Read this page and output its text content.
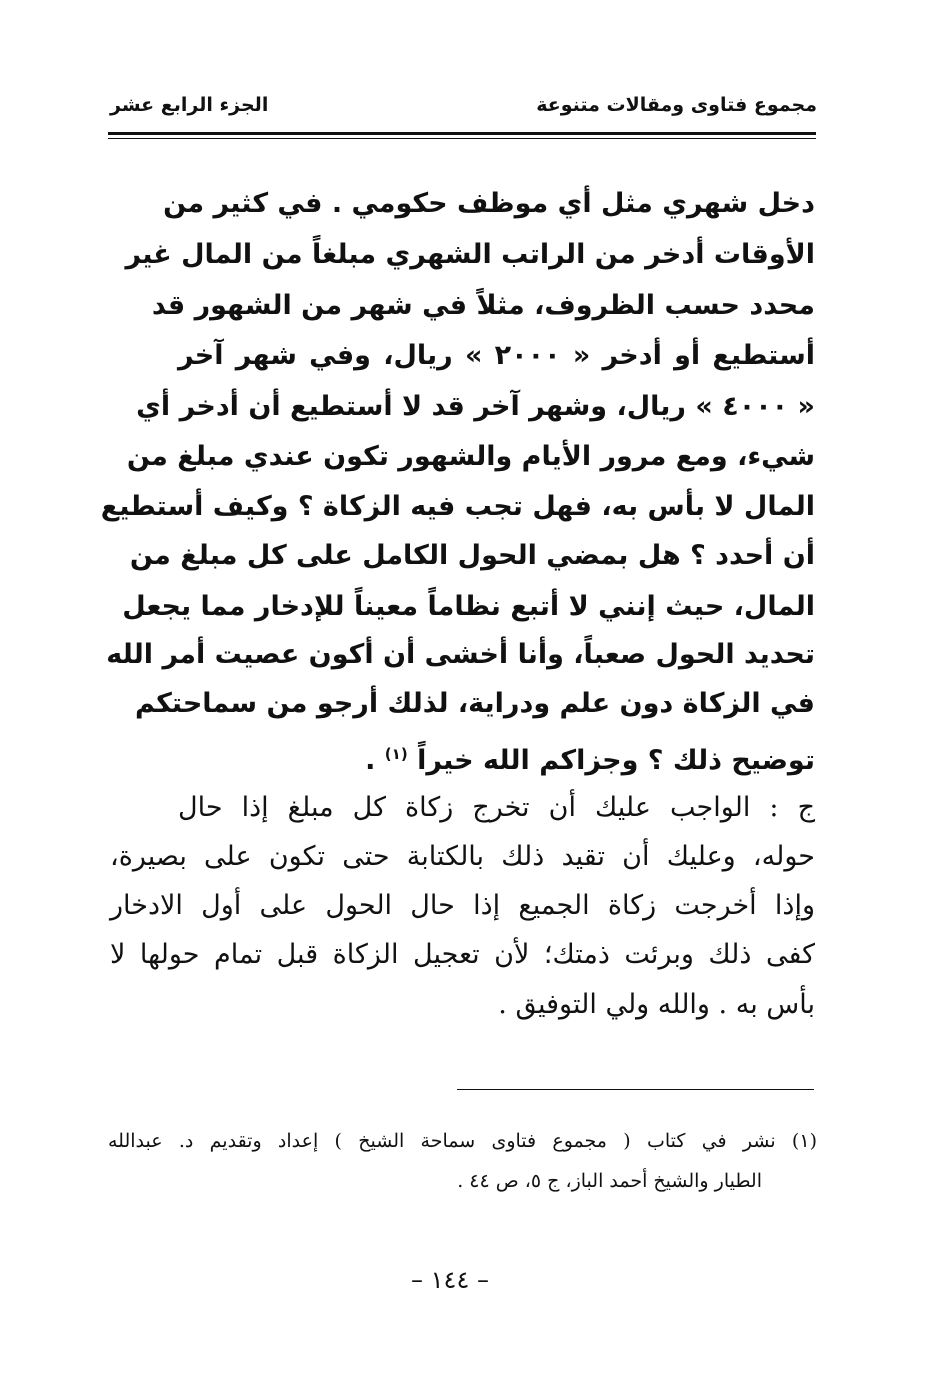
مجموع فتاوى ومقالات متنوعة
الجزء الرابع عشر
دخل شهري مثل أي موظف حكومي . في كثير من
الأوقات أدخر من الراتب الشهري مبلغاً من المال غير
محدد حسب الظروف، مثلاً في شهر من الشهور قد
أستطيع أو أدخر « ٢٠٠٠ » ريال، وفي شهر آخر
« ٤٠٠٠ » ريال، وشهر آخر قد لا أستطيع أن أدخر أي
شيء، ومع مرور الأيام والشهور تكون عندي مبلغ من
المال لا بأس به، فهل تجب فيه الزكاة ؟ وكيف أستطيع
أن أحدد ؟ هل بمضي الحول الكامل على كل مبلغ من
المال، حيث إنني لا أتبع نظاماً معيناً للإدخار مما يجعل
تحديد الحول صعباً، وأنا أخشى أن أكون عصيت أمر الله
في الزكاة دون علم ودراية، لذلك أرجو من سماحتكم
توضيح ذلك ؟ وجزاكم الله خيراً $^{(١)}$ .
ج : الواجب عليك أن تخرج زكاة كل مبلغ إذا حال
حوله، وعليك أن تقيد ذلك بالكتابة حتى تكون على بصيرة،
وإذا أخرجت زكاة الجميع إذا حال الحول على أول الادخار
كفى ذلك وبرئت ذمتك؛ لأن تعجيل الزكاة قبل تمام حولها لا
بأس به . والله ولي التوفيق .
(١) نشر في كتاب ( مجموع فتاوى سماحة الشيخ ) إعداد وتقديم د. عبدالله
الطيار والشيخ أحمد الباز، ج ٥، ص ٤٤ .
– ١٤٤ –
